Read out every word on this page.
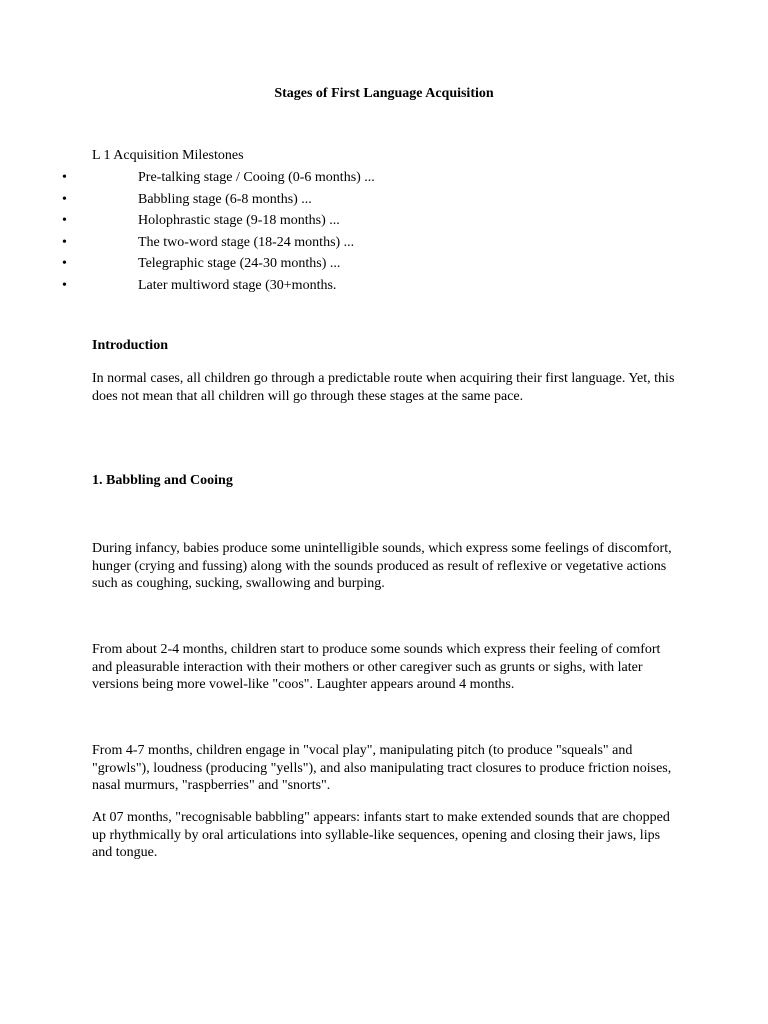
Stages of First Language Acquisition
L 1 Acquisition Milestones
•	Pre-talking stage / Cooing (0-6 months) ...
•	Babbling stage (6-8 months) ...
•	Holophrastic stage (9-18 months) ...
•	The two-word stage (18-24 months) ...
•	Telegraphic stage (24-30 months) ...
•	Later multiword stage (30+months.
Introduction

In normal cases, all children go through a predictable route when acquiring their first language. Yet, this does not mean that all children will go through these stages at the same pace.

1. Babbling and Cooing

During infancy, babies produce some unintelligible sounds, which express some feelings of discomfort, hunger (crying and fussing) along with the sounds produced as result of reflexive or vegetative actions such as coughing, sucking, swallowing and burping.

From about 2-4 months, children start to produce some sounds which express their feeling of comfort and pleasurable interaction with their mothers or other caregiver such as grunts or sighs, with later versions being more vowel-like "coos". Laughter appears around 4 months.

From 4-7 months, children engage in "vocal play", manipulating pitch (to produce "squeals" and "growls"), loudness (producing "yells"), and also manipulating tract closures to produce friction noises, nasal murmurs, "raspberries" and "snorts".

At 07 months, "recognisable babbling" appears: infants start to make extended sounds that are chopped up rhythmically by oral articulations into syllable-like sequences, opening and closing their jaws, lips and tongue.
